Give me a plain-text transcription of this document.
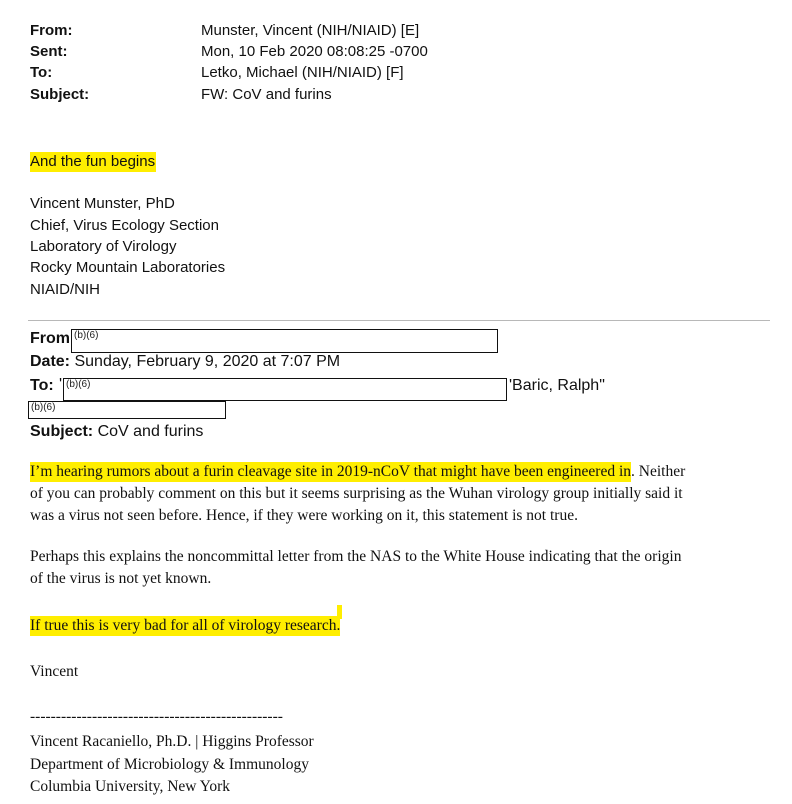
From:	Munster, Vincent (NIH/NIAID) [E]
Sent:	Mon, 10 Feb 2020 08:08:25 -0700
To:	Letko, Michael (NIH/NIAID) [F]
Subject:	FW: CoV and furins
And the fun begins
Vincent Munster, PhD
Chief, Virus Ecology Section
Laboratory of Virology
Rocky Mountain Laboratories
NIAID/NIH
From (b)(6)
Date: Sunday, February 9, 2020 at 7:07 PM
To: ' (b)(6)	'Baric, Ralph"
(b)(6)
Subject: CoV and furins
I’m hearing rumors about a furin cleavage site in 2019-nCoV that might have been engineered in. Neither
of you can probably comment on this but it seems surprising as the Wuhan virology group initially said it
was a virus not seen before. Hence, if they were working on it, this statement is not true.
Perhaps this explains the noncommittal letter from the NAS to the White House indicating that the origin
of the virus is not yet known.
If true this is very bad for all of virology research.
Vincent
-------------------------------------------------
Vincent Racaniello, Ph.D. | Higgins Professor
Department of Microbiology & Immunology
Columbia University, New York
